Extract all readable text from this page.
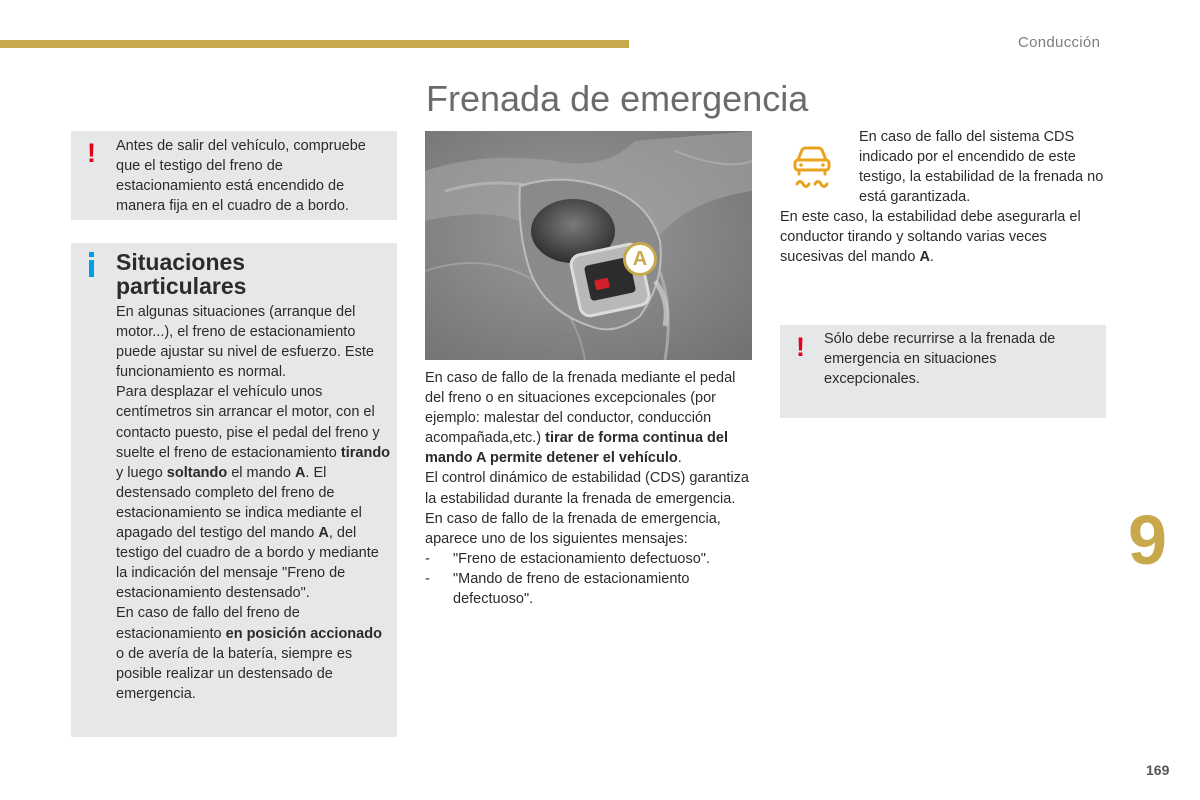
Conducción
Frenada de emergencia
! Antes de salir del vehículo, compruebe que el testigo del freno de estacionamiento está encendido de manera fija en el cuadro de a bordo.
Situaciones particulares

En algunas situaciones (arranque del motor...), el freno de estacionamiento puede ajustar su nivel de esfuerzo. Este funcionamiento es normal.

Para desplazar el vehículo unos centímetros sin arrancar el motor, con el contacto puesto, pise el pedal del freno y suelte el freno de estacionamiento tirando y luego soltando el mando A. El destensado completo del freno de estacionamiento se indica mediante el apagado del testigo del mando A, del testigo del cuadro de a bordo y mediante la indicación del mensaje "Freno de estacionamiento destensado".

En caso de fallo del freno de estacionamiento en posición accionado o de avería de la batería, siempre es posible realizar un destensado de emergencia.

A

En caso de fallo de la frenada mediante el pedal del freno o en situaciones excepcionales (por ejemplo: malestar del conductor, conducción acompañada,etc.) tirar de forma continua del mando A permite detener el vehículo.

El control dinámico de estabilidad (CDS) garantiza la estabilidad durante la frenada de emergencia.

En caso de fallo de la frenada de emergencia, aparece uno de los siguientes mensajes:

- "Freno de estacionamiento defectuoso".
- "Mando de freno de estacionamiento defectuoso".
En caso de fallo del sistema CDS indicado por el encendido de este testigo, la estabilidad de la frenada no está garantizada.

En este caso, la estabilidad debe asegurarla el conductor tirando y soltando varias veces sucesivas del mando A.

! Sólo debe recurrirse a la frenada de emergencia en situaciones excepcionales.
9
169
